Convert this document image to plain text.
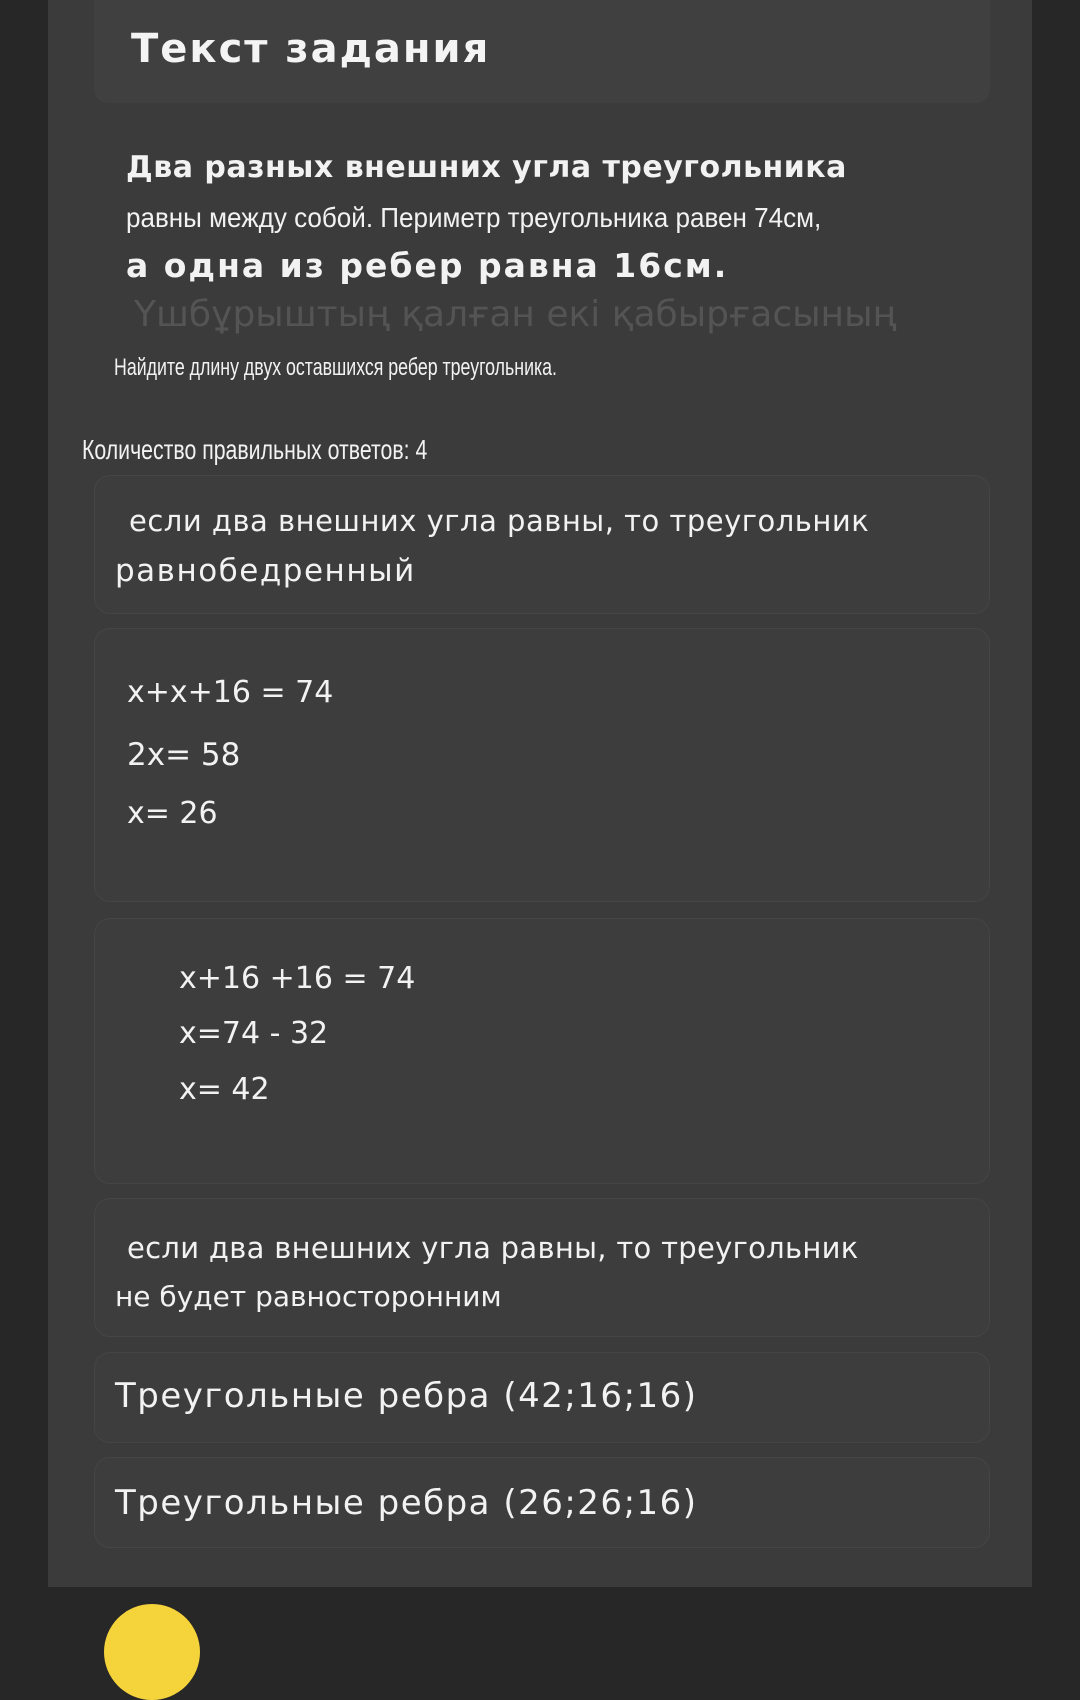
Текст задания
Два разных внешних угла треугольника
равны между собой. Периметр треугольника равен 74см,
а одна из ребер равна 16см.
Үшбұрыштың қалған екі қабырғасының
Найдите длину двух оставшихся ребер треугольника.
Количество правильных ответов: 4
если два внешних угла равны, то треугольник
равнобедренный
x+x+16 = 74
2x= 58
x= 26
x+16 +16 = 74
x=74 - 32
x= 42
если два внешних угла равны, то треугольник
не будет равносторонним
Треугольные ребра (42;16;16)
Треугольные ребра (26;26;16)
